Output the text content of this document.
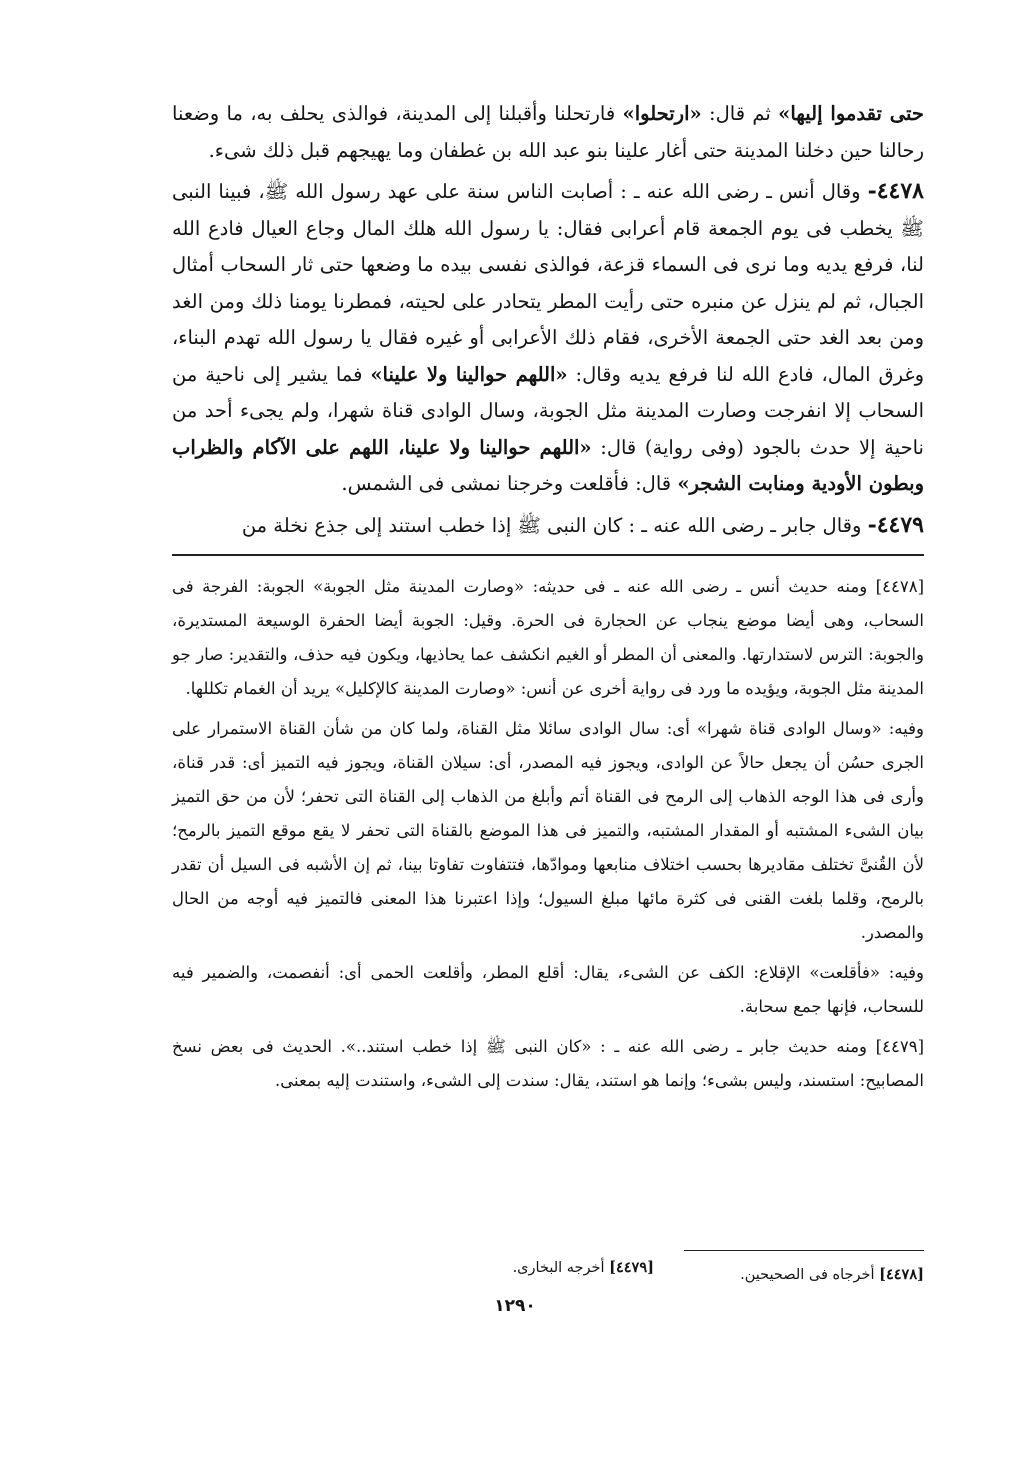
حتى تقدموا إليها» ثم قال: «ارتحلوا» فارتحلنا وأقبلنا إلى المدينة، فوالذى يحلف به، ما وضعنا رحالنا حين دخلنا المدينة حتى أغار علينا بنو عبد الله بن غطفان وما يهيجهم قبل ذلك شىء.

٤٤٧٨- وقال أنس ـ رضى الله عنه ـ : أصابت الناس سنة على عهد رسول الله ﷺ، فبينا النبى ﷺ يخطب فى يوم الجمعة قام أعرابى فقال: يا رسول الله هلك المال وجاع العيال فادع الله لنا، فرفع يديه وما نرى فى السماء قزعة، فوالذى نفسى بيده ما وضعها حتى ثار السحاب أمثال الجبال، ثم لم ينزل عن منبره حتى رأيت المطر يتحادر على لحيته، فمطرنا يومنا ذلك ومن الغد ومن بعد الغد حتى الجمعة الأخرى، فقام ذلك الأعرابى أو غيره فقال يا رسول الله تهدم البناء، وغرق المال، فادع الله لنا فرفع يديه وقال: «اللهم حوالينا ولا علينا» فما يشير إلى ناحية من السحاب إلا انفرجت وصارت المدينة مثل الجوبة، وسال الوادى قناة شهرا، ولم يجىء أحد من ناحية إلا حدث بالجود (وفى رواية) قال: «اللهم حوالينا ولا علينا، اللهم على الآكام والظراب وبطون الأودية ومنابت الشجر» قال: فأقلعت وخرجنا نمشى فى الشمس.

٤٤٧٩- وقال جابر ـ رضى الله عنه ـ : كان النبى ﷺ إذا خطب استند إلى جذع نخلة من

[٤٤٧٨] ومنه حديث أنس ـ رضى الله عنه ـ فى حديثه: «وصارت المدينة مثل الجوبة» الجوبة: الفرجة فى السحاب، وهى أيضا موضع ينجاب عن الحجارة فى الحرة. وقيل: الجوبة أيضا الحفرة الوسيعة المستديرة، والجوبة: الترس لاستدارتها. والمعنى أن المطر أو الغيم انكشف عما يحاذيها، ويكون فيه حذف، والتقدير: صار جو المدينة مثل الجوبة، ويؤيده ما ورد فى رواية أخرى عن أنس: «وصارت المدينة كالإكليل» يريد أن الغمام تكللها.

وفيه: «وسال الوادى قناة شهرا» أى: سال الوادى سائلا مثل القناة، ولما كان من شأن القناة الاستمرار على الجرى حسُن أن يجعل حالاً عن الوادى، ويجوز فيه المصدر، أى: سيلان القناة، ويجوز فيه التميز أى: قدر قناة، وأرى فى هذا الوجه الذهاب إلى الرمح فى القناة أتم وأبلغ من الذهاب إلى القناة التى تحفر؛ لأن من حق التميز بيان الشىء المشتبه أو المقدار المشتبه، والتميز فى هذا الموضع بالقناة التى تحفر لا يقع موقع التميز بالرمح؛ لأن القُنىَّ تختلف مقاديرها بحسب اختلاف منابعها وموادّها، فتتفاوت تفاوتا بينا، ثم إن الأشبه فى السيل أن تقدر بالرمح، وقلما بلغت القنى فى كثرة مائها مبلغ السيول؛ وإذا اعتبرنا هذا المعنى فالتميز فيه أوجه من الحال والمصدر.

وفيه: «فأقلعت» الإقلاع: الكف عن الشىء، يقال: أقلع المطر، وأقلعت الحمى أى: أنفصمت، والضمير فيه للسحاب، فإنها جمع سحابة.

[٤٤٧٩] ومنه حديث جابر ـ رضى الله عنه ـ : «كان النبى ﷺ إذا خطب استند..». الحديث فى بعض نسخ المصابيح: استسند، وليس بشىء؛ وإنما هو استند، يقال: سندت إلى الشىء، واستندت إليه بمعنى.

[٤٤٧٨] أخرجاه فى الصحيحين.
[٤٤٧٩] أخرجه البخارى.
١٢٩٠
